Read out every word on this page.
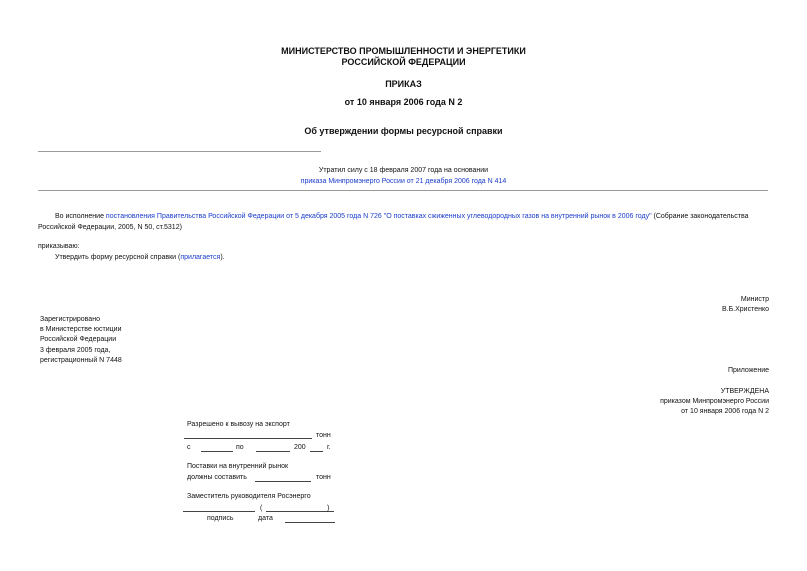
МИНИСТЕРСТВО ПРОМЫШЛЕННОСТИ И ЭНЕРГЕТИКИ
РОССИЙСКОЙ ФЕДЕРАЦИИ
ПРИКАЗ
от 10 января 2006 года N 2
Об утверждении формы ресурсной справки
Утратил силу с 18 февраля 2007 года на основании
приказа Минпромэнерго России от 21 декабря 2006 года N 414
Во исполнение постановления Правительства Российской Федерации от 5 декабря 2005 года N 726 "О поставках сжиженных углеводородных газов на внутренний рынок в 2006 году" (Собрание законодательства
Российской Федерации, 2005, N 50, ст.5312)
приказываю:
Утвердить форму ресурсной справки (прилагается).
Министр
В.Б.Христенко
Зарегистрировано
в Министерстве юстиции
Российской Федерации
3 февраля 2005 года,
регистрационный N 7448
Приложение
УТВЕРЖДЕНА
приказом Минпромэнерго России
от 10 января 2006 года N 2
Разрешено к вывозу на экспорт
тонн
с	по	200	г.
Поставки на внутренний рынок
должны составить	тонн
Заместитель руководителя Росэнерго
(	)
подпись	дата
